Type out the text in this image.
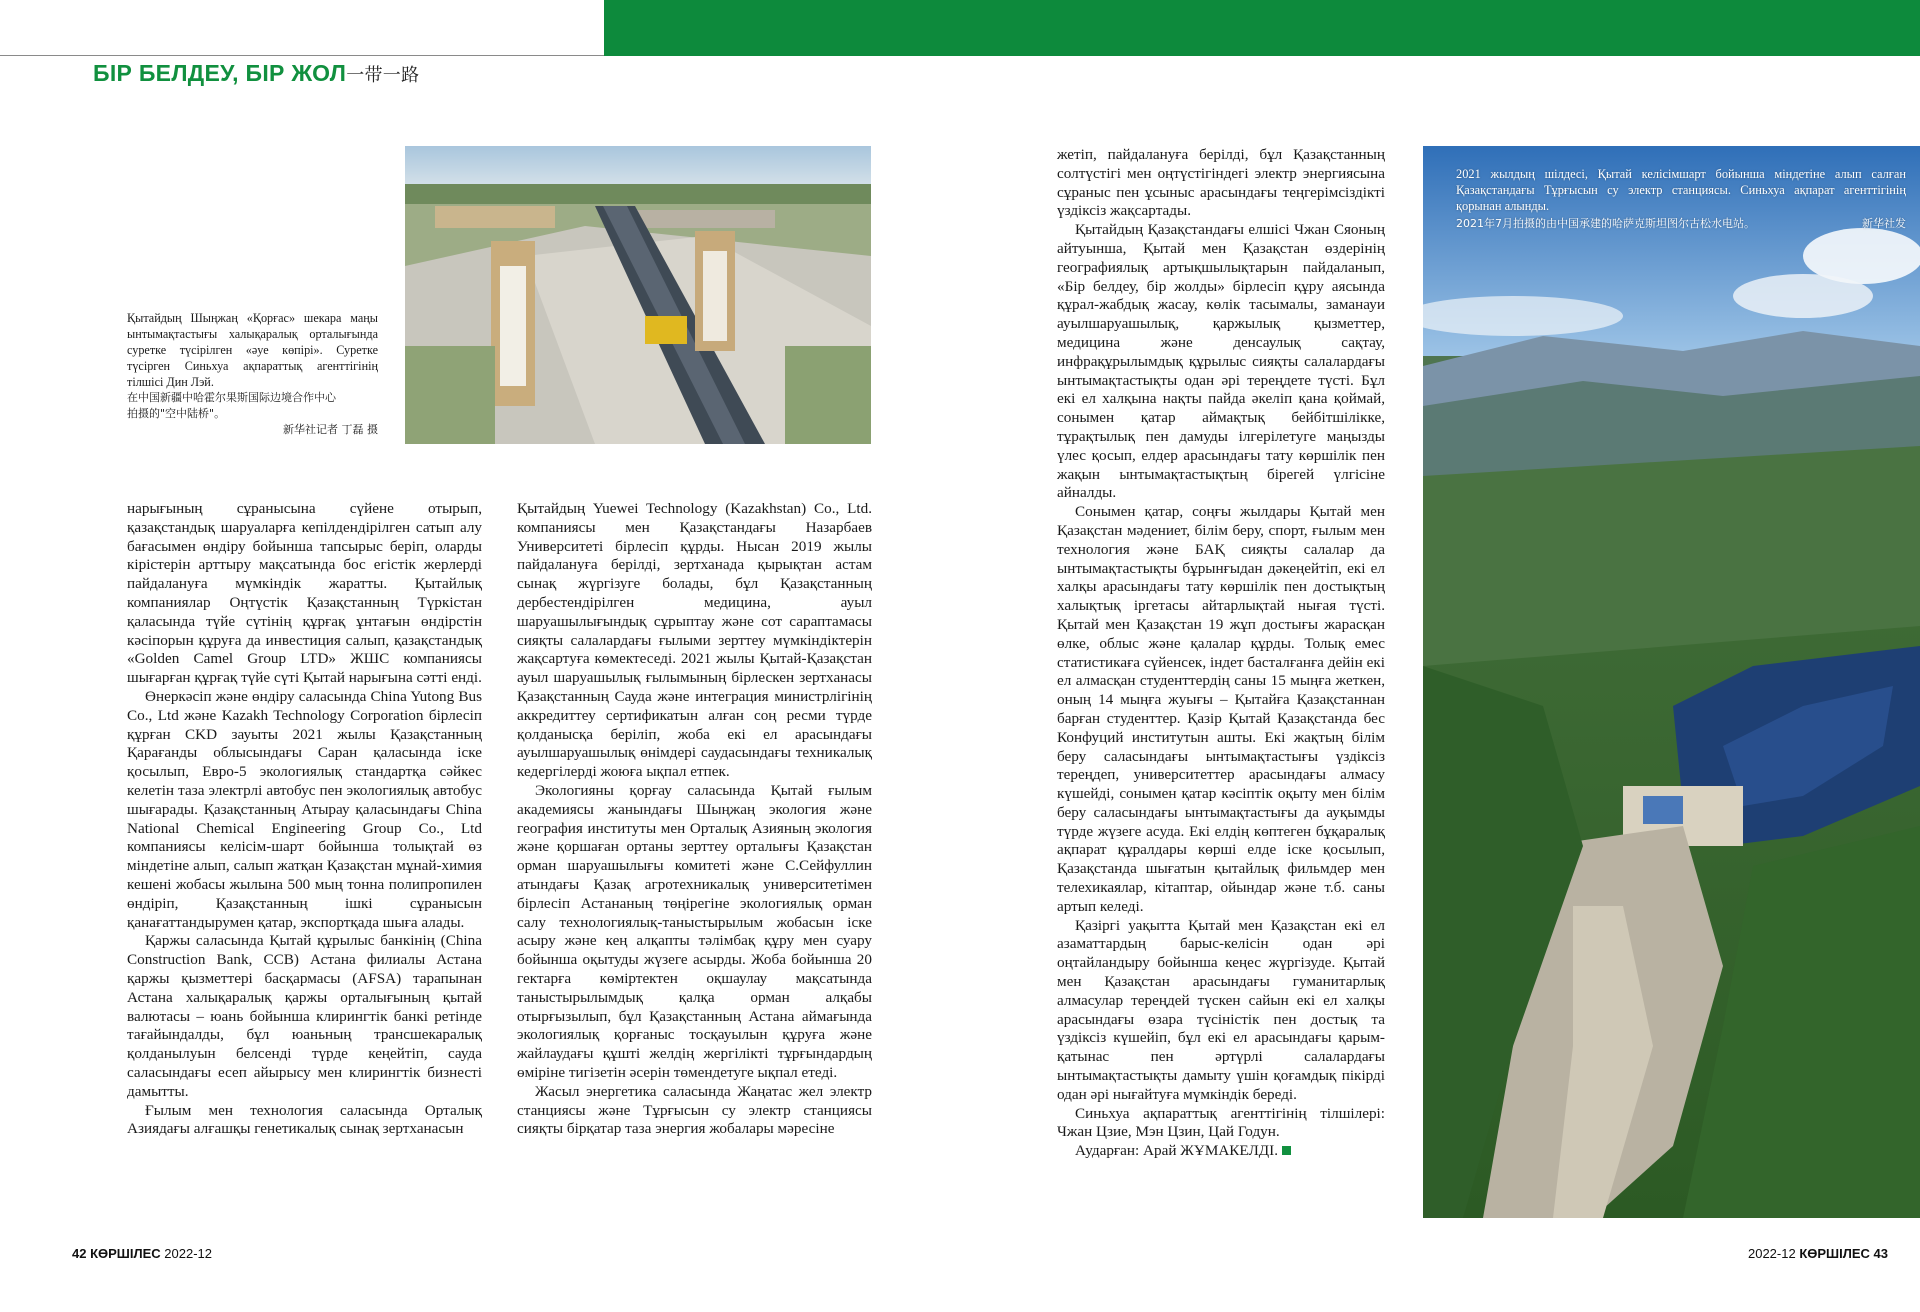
БІР БЕЛДЕУ, БІР ЖОЛ一带一路
Қытайдың Шыңжаң «Қорғас» шекара маңы ынтымақтастығы халықаралық орталығында суретке түсірілген «әуе көпірі». Суретке түсірген Синьхуа ақпараттық агенттігінің тілшісі Дин Лэй.
在中国新疆中哈霍尔果斯国际边境合作中心
拍摄的"空中陆桥"。
新华社记者 丁磊 摄
2021 жылдың шілдесі, Қытай келісімшарт бойынша міндетіне алып салған Қазақстандағы Тұрғысын су электр станциясы. Синьхуа ақпарат агенттігінің қорынан алынды.
2021年7月拍摄的由中国承建的哈萨克斯坦图尔古松水电站。	新华社发

нарығының сұранысына сүйене отырып, қазақстандық шаруаларға кепілдендірілген сатып алу бағасымен өндіру бойынша тапсырыс беріп, оларды кірістерін арттыру мақсатында бос егістік жерлерді пайдалануға мүмкіндік жаратты. Қытайлық компаниялар Оңтүстік Қазақстанның Түркістан қаласында түйе сүтінің құрғақ ұнтағын өндірстін кәсіпорын құруға да инвестиция салып, қазақстандық «Golden Camel Group LTD» ЖШС компаниясы шығарған құрғақ түйе сүті Қытай нарығына сәтті енді.

Өнеркәсіп және өндіру саласында China Yutong Bus Co., Ltd және Kazakh Technology Corporation бірлесіп құрған CKD зауыты 2021 жылы Қазақстанның Қарағанды облысындағы Саран қаласында іске қосылып, Евро-5 экологиялық стандартқа сәйкес келетін таза электрлі автобус пен экологиялық автобус шығарады. Қазақстанның Атырау қаласындағы China National Chemical Engineering Group Co., Ltd компаниясы келісім-шарт бойынша толықтай өз міндетіне алып, салып жатқан Қазақстан мұнай-химия кешені жобасы жылына 500 мың тонна полипропилен өндіріп, Қазақстанның ішкі сұранысын қанағаттандырумен қатар, экспортқада шыға алады.

Қаржы саласында Қытай құрылыс банкінің (China Construction Bank, CCB) Астана филиалы Астана қаржы қызметтері басқармасы (AFSA) тарапынан Астана халықаралық қаржы орталығының қытай валютасы – юань бойынша клирингтік банкі ретінде тағайындалды, бұл юаньның трансшекаралық қолданылуын белсенді түрде кеңейтіп, сауда саласындағы есеп айырысу мен клирингтік бизнесті дамытты.

Ғылым мен технология саласында Орталық Азиядағы алғашқы генетикалық сынақ зертханасын

Қытайдың Yuewei Technology (Kazakhstan) Co., Ltd. компаниясы мен Қазақстандағы Назарбаев Университеті бірлесіп құрды. Нысан 2019 жылы пайдалануға берілді, зертханада қырықтан астам сынақ жүргізуге болады, бұл Қазақстанның дербестендірілген медицина, ауыл шаруашылығындық сұрыптау және сот сараптамасы сияқты салалардағы ғылыми зерттеу мүмкіндіктерін жақсартуға көмектеседі. 2021 жылы Қытай-Қазақстан ауыл шаруашылық ғылымының бірлескен зертханасы Қазақстанның Сауда және интеграция министрлігінің аккредиттеу сертификатын алған соң ресми түрде қолданысқа беріліп, жоба екі ел арасындағы ауылшаруашылық өнімдері саудасындағы техникалық кедергілерді жоюға ықпал етпек.

Экологияны қорғау саласында Қытай ғылым академиясы жанындағы Шыңжаң экология және география институты мен Орталық Азияның экология және қоршаған ортаны зерттеу орталығы Қазақстан орман шаруашылығы комитеті және С.Сейфуллин атындағы Қазақ агротехникалық университетімен бірлесіп Астананың төңірегіне экологиялық орман салу технологиялық-таныстырылым жобасын іске асыру және кең алқапты тәлімбақ құру мен суару бойынша оқытуды жүзеге асырды. Жоба бойынша 20 гектарға көміртектен оқшаулау мақсатында таныстырылымдық қалқа орман алқабы отырғызылып, бұл Қазақстанның Астана аймағында экологиялық қорғаныс тосқауылын құруға және жайлаудағы құшті желдің жергілікті тұрғындардың өміріне тигізетін әсерін төмендетуге ықпал етеді.

Жасыл энергетика саласында Жаңатас жел электр станциясы және Тұрғысын су электр станциясы сияқты бірқатар таза энергия жобалары мәресіне

жетіп, пайдалануға берілді, бұл Қазақстанның солтүстігі мен оңтүстігіндегі электр энергиясына сұраныс пен ұсыныс арасындағы теңгерімсіздікті үздіксіз жақсартады.

Қытайдың Қазақстандағы елшісі Чжан Сяоның айтуынша, Қытай мен Қазақстан өздерінің географиялық артықшылықтарын пайдаланып, «Бір белдеу, бір жолды» бірлесіп құру аясында құрал-жабдық жасау, көлік тасымалы, заманауи ауылшаруашылық, қаржылық қызметтер, медицина және денсаулық сақтау, инфрақұрылымдық құрылыс сияқты салалардағы ынтымақтастықты одан әрі тереңдете түсті. Бұл екі ел халқына нақты пайда әкеліп қана қоймай, сонымен қатар аймақтық бейбітшілікке, тұрақтылық пен дамуды ілгерілетуге маңызды үлес қосып, елдер арасындағы тату көршілік пен жақын ынтымақтастықтың бірегей үлгісіне айналды.

Сонымен қатар, соңғы жылдары Қытай мен Қазақстан мәдениет, білім беру, спорт, ғылым мен технология және БАҚ сияқты салалар да ынтымақтастықты бұрынғыдан дәкеңейтіп, екі ел халқы арасындағы тату көршілік пен достықтың халықтық іргетасы айтарлықтай нығая түсті. Қытай мен Қазақстан 19 жұп достығы жарасқан өлке, облыс және қалалар құрды. Толық емес статистикаға сүйенсек, індет басталғанға дейін екі ел алмасқан студенттердің саны 15 мыңға жеткен, оның 14 мыңға жуығы – Қытайға Қазақстаннан барған студенттер. Қазір Қытай Қазақстанда бес Конфуций институтын ашты. Екі жақтың білім беру саласындағы ынтымақтастығы үздіксіз тереңдеп, университеттер арасындағы алмасу күшейді, сонымен қатар кәсіптік оқыту мен білім беру саласындағы ынтымақтастығы да ауқымды түрде жүзеге асуда. Екі елдің көптеген бұқаралық ақпарат құралдары көрші елде іске қосылып, Қазақстанда шығатын қытайлық фильмдер мен телехикаялар, кітаптар, ойындар және т.б. саны артып келеді.

Қазіргі уақытта Қытай мен Қазақстан екі ел азаматтардың барыс-келісін одан әрі оңтайландыру бойынша кеңес жүргізуде. Қытай мен Қазақстан арасындағы гуманитарлық алмасулар тереңдей түскен сайын екі ел халқы арасындағы өзара түсіністік пен достық та үздіксіз күшейіп, бұл екі ел арасындағы қарым-қатынас пен әртүрлі салалардағы ынтымақтастықты дамыту үшін қоғамдық пікірді одан әрі нығайтуға мүмкіндік береді.

Синьхуа ақпараттық агенттігінің тілшілері: Чжан Цзие, Мэн Цзин, Цай Годун.

Аударған: Арай ЖҰМАКЕЛДІ.

42 КӨРШІЛЕС 2022-12	2022-12 КӨРШІЛЕС 43
